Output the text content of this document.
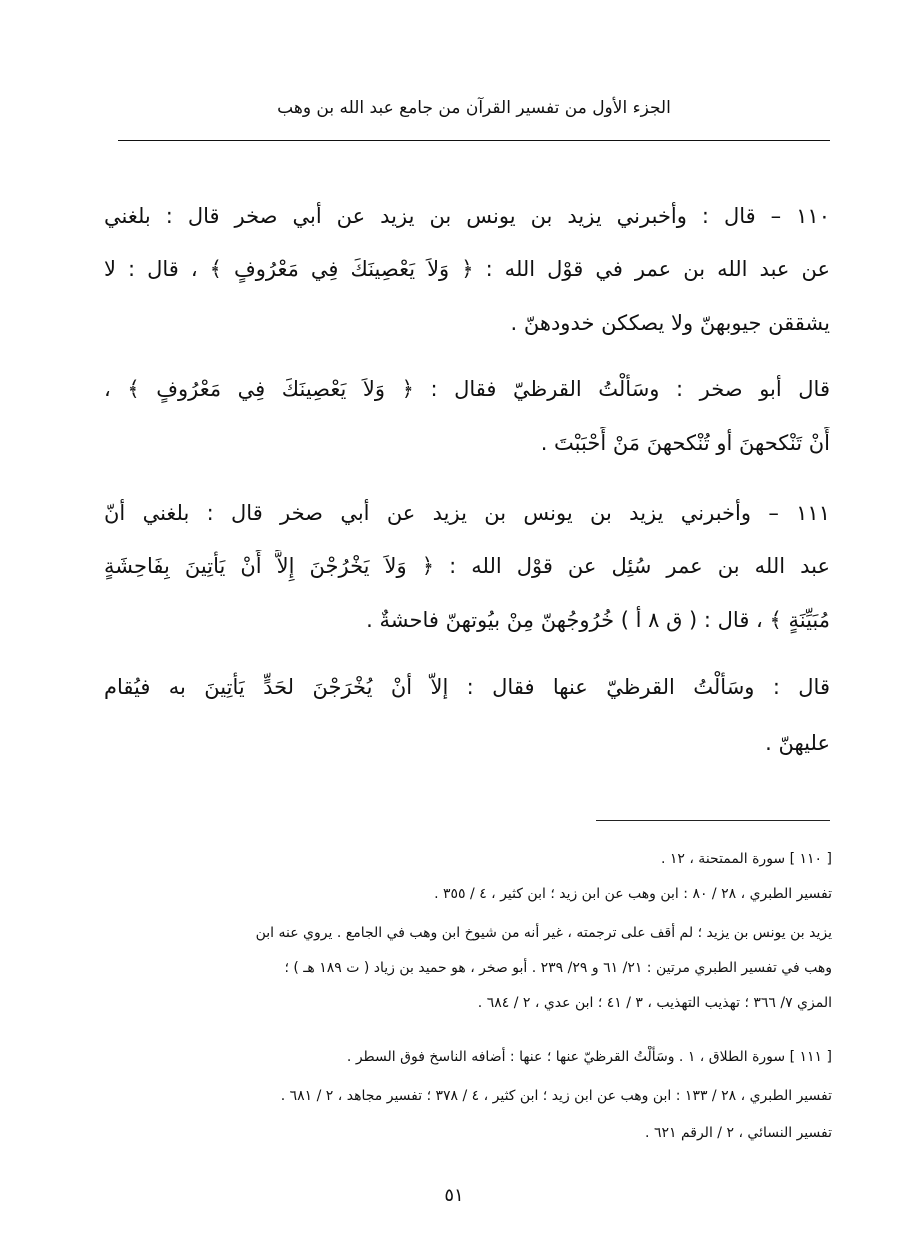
الجزء الأول من تفسير القرآن من جامع عبد الله بن وهب
١١٠ – قال : وأخبرني يزيد بن يونس بن يزيد عن أبي صخر قال : بلغني
عن عبد الله بن عمر في قوْل الله : ﴿ وَلاَ يَعْصِينَكَ فِي مَعْرُوفٍ ﴾ ، قال : لا
يشققن جيوبهنّ ولا يصككن خدودهنّ .
قال أبو صخر : وسَأَلْتُ القرظيّ فقال : ﴿ وَلاَ يَعْصِينَكَ فِي مَعْرُوفٍ ﴾ ،
أَنْ تَنْكحهنَ أو تُنْكحهنَ مَنْ أَحْبَبْتَ .
١١١ – وأخبرني يزيد بن يونس بن يزيد عن أبي صخر قال : بلغني أنّ
عبد الله بن عمر سُئِل عن قوْل الله : ﴿ وَلاَ يَخْرُجْنَ إِلاَّ أَنْ يَأْتِينَ بِفَاحِشَةٍ
مُبَيِّنَةٍ ﴾ ، قال : ( ق ٨ أ ) خُرُوجُهنّ مِنْ بيُوتهنّ فاحشةٌ .
قال : وسَأَلْتُ القرظيّ عنها فقال : إلاّ أنْ يُخْرَجْنَ لحَدٍّ يَأْتِينَ به فيُقام
عليهنّ .
[ ١١٠ ] سورة الممتحنة ، ١٢ .
تفسير الطبري ، ٢٨ / ٨٠ : ابن وهب عن ابن زيد ؛ ابن كثير ، ٤ / ٣٥٥ .
يزيد بن يونس بن يزيد ؛ لم أقف على ترجمته ، غير أنه من شيوخ ابن وهب في الجامع . يروي عنه ابن
وهب في تفسير الطبري مرتين : ٢١/ ٦١ و ٢٩/ ٢٣٩ . أبو صخر ، هو حميد بن زياد ( ت ١٨٩ هـ ) ؛
المزي ٧/ ٣٦٦ ؛ تهذيب التهذيب ، ٣ / ٤١ ؛ ابن عدي ، ٢ / ٦٨٤ .
[ ١١١ ] سورة الطلاق ، ١ . وسَأَلْتُ القرظيّ عنها ؛ عنها : أضافه الناسخ فوق السطر .
تفسير الطبري ، ٢٨ / ١٣٣ : ابن وهب عن ابن زيد ؛ ابن كثير ، ٤ / ٣٧٨ ؛ تفسير مجاهد ، ٢ / ٦٨١ .
تفسير النسائي ، ٢ / الرقم ٦٢١ .
٥١
